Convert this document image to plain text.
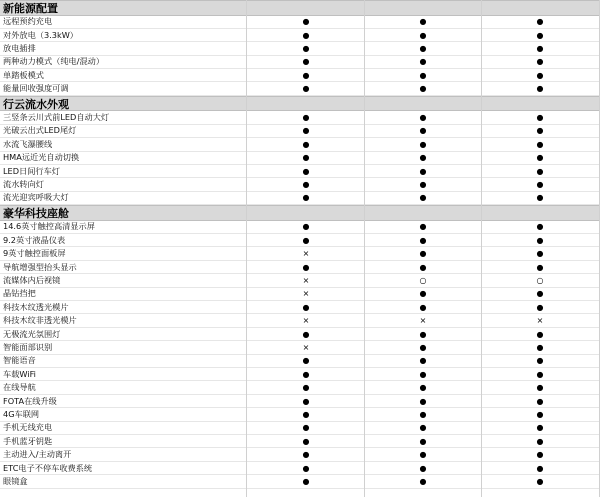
新能源配置
远程预约充电	●	●	●
对外放电（3.3kW）	●	●	●
放电插排	●	●	●
两种动力模式（纯电/混动）	●	●	●
单踏板模式	●	●	●
能量回收强度可调	●	●	●
行云流水外观
三竖条云川式前LED自动大灯	●	●	●
光破云出式LED尾灯	●	●	●
水流飞瀑腰线	●	●	●
HMA远近光自动切换	●	●	●
LED日间行车灯	●	●	●
流水转向灯	●	●	●
流光迎宾呼吸大灯	●	●	●
豪华科技座舱
14.6英寸触控高清显示屏	●	●	●
9.2英寸液晶仪表	●	●	●
9英寸触控面板屏	×	●	●
导航增强型抬头显示	●	●	●
流媒体内后视镜	×	○	○
晶钻挡把	×	●	●
科技木纹透光模片	●	●	●
科技木纹非透光模片	×	×	×
无极流光氛围灯	●	●	●
智能面部识别	×	●	●
智能语音	●	●	●
车载WiFi	●	●	●
在线导航	●	●	●
FOTA在线升级	●	●	●
4G车联网	●	●	●
手机无线充电	●	●	●
手机蓝牙钥匙	●	●	●
主动进入/主动离开	●	●	●
ETC电子不停车收费系统	●	●	●
眼镜盒	●	●	●
